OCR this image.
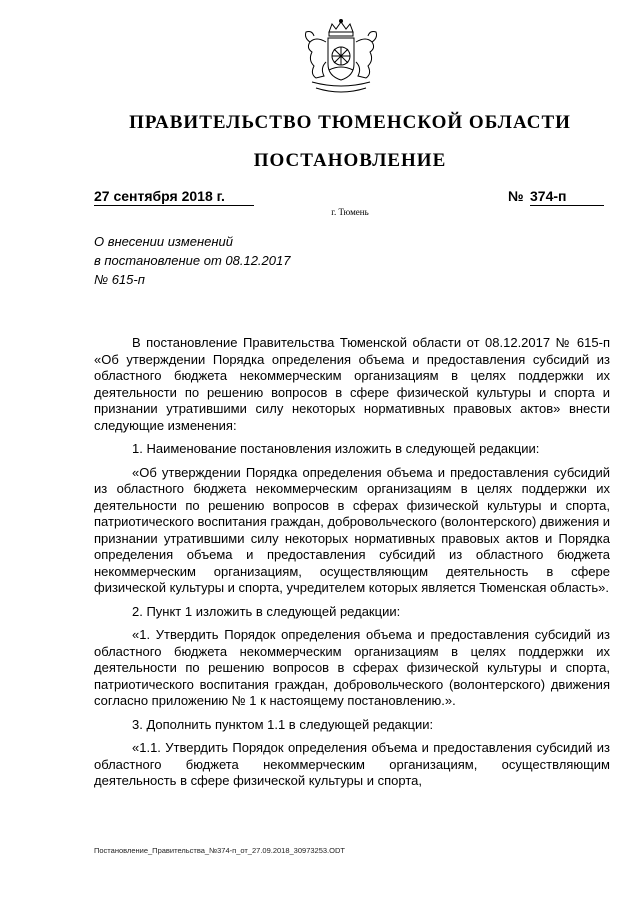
ПРАВИТЕЛЬСТВО ТЮМЕНСКОЙ ОБЛАСТИ
ПОСТАНОВЛЕНИЕ
27 сентября 2018 г.	№ 374-п
г. Тюмень
О внесении изменений
в постановление от 08.12.2017
№ 615-п

В постановление Правительства Тюменской области от 08.12.2017 № 615-п «Об утверждении Порядка определения объема и предоставления субсидий из областного бюджета некоммерческим организациям в целях поддержки их деятельности по решению вопросов в сфере физической культуры и спорта и признании утратившими силу некоторых нормативных правовых актов» внести следующие изменения:

1. Наименование постановления изложить в следующей редакции:

«Об утверждении Порядка определения объема и предоставления субсидий из областного бюджета некоммерческим организациям в целях поддержки их деятельности по решению вопросов в сферах физической культуры и спорта, патриотического воспитания граждан, добровольческого (волонтерского) движения и признании утратившими силу некоторых нормативных правовых актов и Порядка определения объема и предоставления субсидий из областного бюджета некоммерческим организациям, осуществляющим деятельность в сфере физической культуры и спорта, учредителем которых является Тюменская область».

2. Пункт 1 изложить в следующей редакции:

«1. Утвердить Порядок определения объема и предоставления субсидий из областного бюджета некоммерческим организациям в целях поддержки их деятельности по решению вопросов в сферах физической культуры и спорта, патриотического воспитания граждан, добровольческого (волонтерского) движения согласно приложению № 1 к настоящему постановлению.».

3. Дополнить пунктом 1.1 в следующей редакции:

«1.1. Утвердить Порядок определения объема и предоставления субсидий из областного бюджета некоммерческим организациям, осуществляющим деятельность в сфере физической культуры и спорта,

Постановление_Правительства_№374-п_от_27.09.2018_30973253.ODT
